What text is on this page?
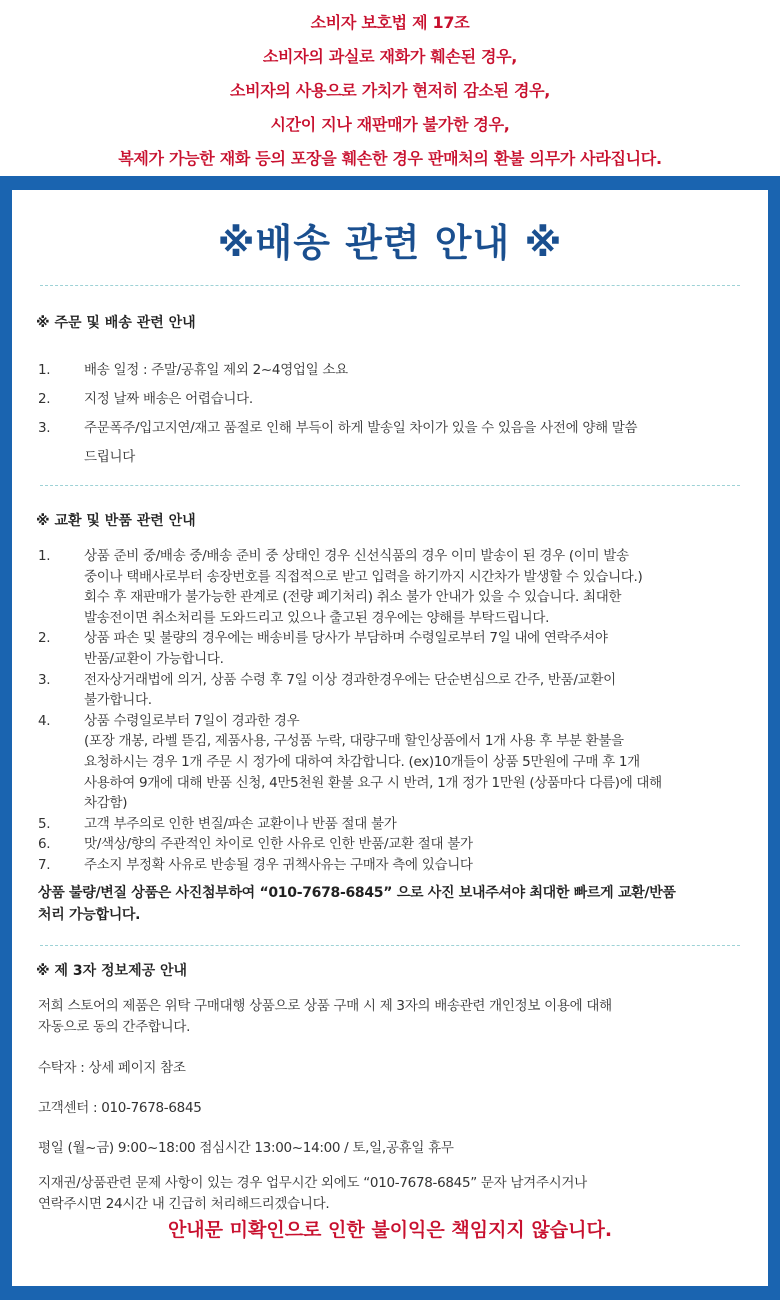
소비자 보호법 제 17조
소비자의 과실로 재화가 훼손된 경우,
소비자의 사용으로 가치가 현저히 감소된 경우,
시간이 지나 재판매가 불가한 경우,
복제가 가능한 재화 등의 포장을 훼손한 경우 판매처의 환불 의무가 사라집니다.
※배송 관련 안내 ※
※ 주문 및 배송 관련 안내
1.	배송 일정 : 주말/공휴일 제외 2~4영업일 소요
2.	지정 날짜 배송은 어렵습니다.
3.	주문폭주/입고지연/재고 품절로 인해 부득이 하게 발송일 차이가 있을 수 있음을 사전에 양해 말씀
드립니다
※ 교환 및 반품 관련 안내
1.	상품 준비 중/배송 중/배송 준비 중 상태인 경우 신선식품의 경우 이미 발송이 된 경우 (이미 발송
중이나 택배사로부터 송장번호를 직접적으로 받고 입력을 하기까지 시간차가 발생할 수 있습니다.)
회수 후 재판매가 불가능한 관계로 (전량 폐기처리) 취소 불가 안내가 있을 수 있습니다. 최대한
발송전이면 취소처리를 도와드리고 있으나 출고된 경우에는 양해를 부탁드립니다.
2.	상품 파손 및 불량의 경우에는 배송비를 당사가 부담하며 수령일로부터 7일 내에 연락주셔야
반품/교환이 가능합니다.
3.	전자상거래법에 의거, 상품 수령 후 7일 이상 경과한경우에는 단순변심으로 간주, 반품/교환이
불가합니다.
4.	상품 수령일로부터 7일이 경과한 경우
(포장 개봉, 라벨 뜯김, 제품사용, 구성품 누락, 대량구매 할인상품에서 1개 사용 후 부분 환불을
요청하시는 경우 1개 주문 시 정가에 대하여 차감합니다. (ex)10개들이 상품 5만원에 구매 후 1개
사용하여 9개에 대해 반품 신청, 4만5천원 환불 요구 시 반려, 1개 정가 1만원 (상품마다 다름)에 대해
차감함)
5.	고객 부주의로 인한 변질/파손 교환이나 반품 절대 불가
6.	맛/색상/향의 주관적인 차이로 인한 사유로 인한 반품/교환 절대 불가
7.	주소지 부정확 사유로 반송될 경우 귀책사유는 구매자 측에 있습니다
상품 불량/변질 상품은 사진첨부하여 “010-7678-6845” 으로 사진 보내주셔야 최대한 빠르게 교환/반품
처리 가능합니다.
※ 제 3자 정보제공 안내
저희 스토어의 제품은 위탁 구매대행 상품으로 상품 구매 시 제 3자의 배송관련 개인정보 이용에 대해
자동으로 동의 간주합니다.
수탁자 : 상세 페이지 참조
고객센터 : 010-7678-6845
평일 (월~금) 9:00~18:00 점심시간 13:00~14:00 / 토,일,공휴일 휴무
지재권/상품관련 문제 사항이 있는 경우 업무시간 외에도 “010-7678-6845” 문자 남겨주시거나
연락주시면 24시간 내 긴급히 처리해드리겠습니다.
안내문 미확인으로 인한 불이익은 책임지지 않습니다.
